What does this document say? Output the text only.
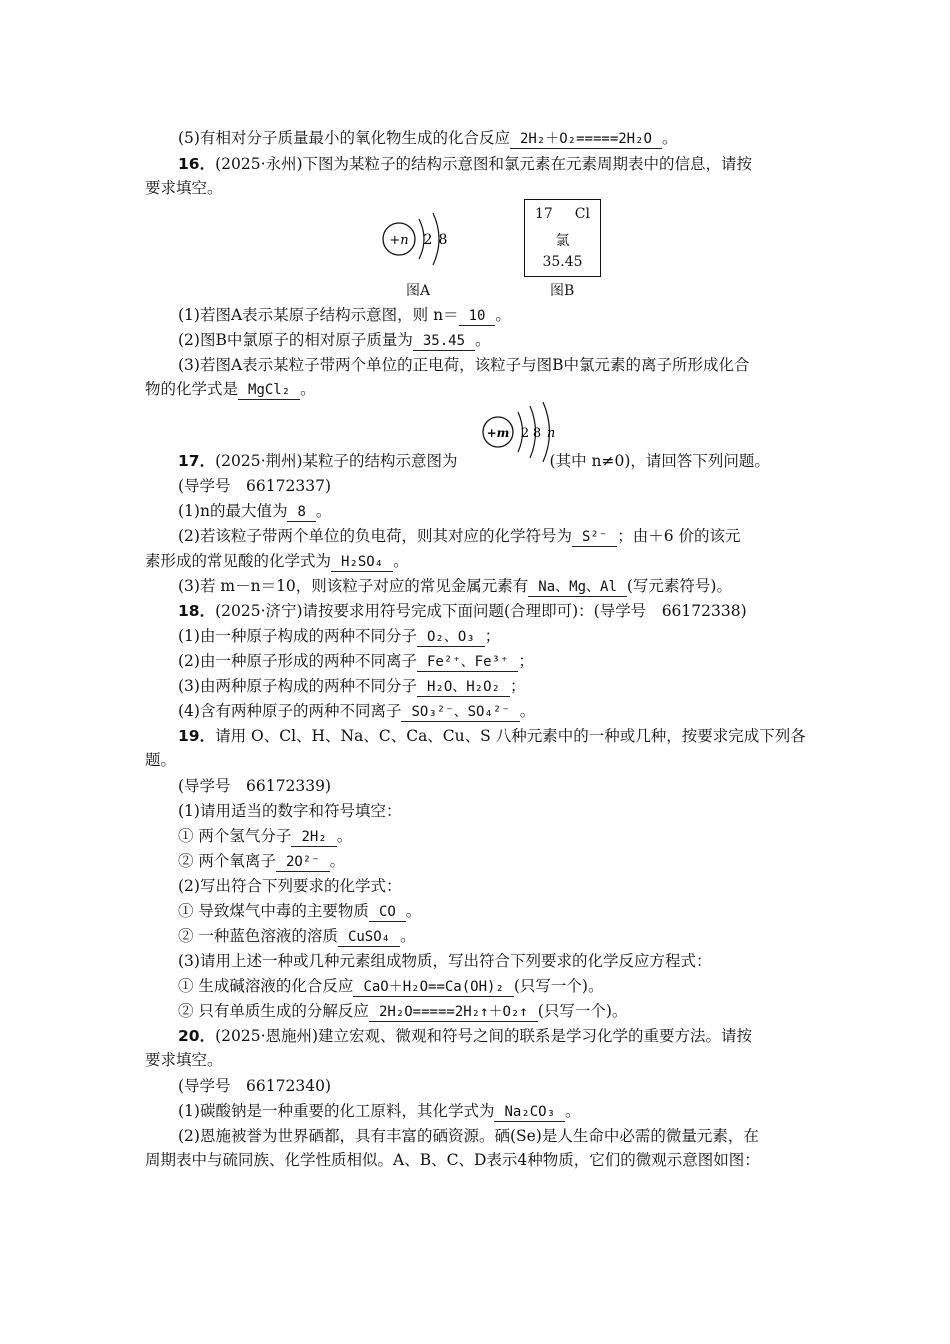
(5)有相对分子质量最小的氧化物生成的化合反应 2H₂＋O₂=====2H₂O 。
16．(2025·永州)下图为某粒子的结构示意图和氯元素在元素周期表中的信息，请按
要求填空。
+n 2 8
图A
17 Cl
氯
35.45
图B
(1)若图A表示某原子结构示意图，则 n＝ 10 。
(2)图B中氯原子的相对原子质量为 35.45 。
(3)若图A表示某粒子带两个单位的正电荷，该粒子与图B中氯元素的离子所形成化合
物的化学式是 MgCl₂ 。
+m 2 8 n
17．(2025·荆州)某粒子的结构示意图为	(其中 n≠0)，请回答下列问题。
(导学号　66172337)
(1)n的最大值为 8 。
(2)若该粒子带两个单位的负电荷，则其对应的化学符号为 S²⁻ ；由＋6 价的该元
素形成的常见酸的化学式为 H₂SO₄ 。
(3)若 m－n＝10，则该粒子对应的常见金属元素有 Na、Mg、Al (写元素符号)。
18．(2025·济宁)请按要求用符号完成下面问题(合理即可)：(导学号　66172338)
(1)由一种原子构成的两种不同分子 O₂、O₃ ；
(2)由一种原子形成的两种不同离子 Fe²⁺、Fe³⁺ ；
(3)由两种原子构成的两种不同分子 H₂O、H₂O₂ ；
(4)含有两种原子的两种不同离子 SO₃²⁻、SO₄²⁻ 。
19．请用 O、Cl、H、Na、C、Ca、Cu、S 八种元素中的一种或几种，按要求完成下列各
题。
(导学号　66172339)
(1)请用适当的数字和符号填空：
① 两个氢气分子 2H₂ 。
② 两个氧离子 2O²⁻ 。
(2)写出符合下列要求的化学式：
① 导致煤气中毒的主要物质 CO 。
② 一种蓝色溶液的溶质 CuSO₄ 。
(3)请用上述一种或几种元素组成物质，写出符合下列要求的化学反应方程式：
① 生成碱溶液的化合反应 CaO＋H₂O==Ca(OH)₂ (只写一个)。
② 只有单质生成的分解反应 2H₂O=====2H₂↑＋O₂↑ (只写一个)。
20．(2025·恩施州)建立宏观、微观和符号之间的联系是学习化学的重要方法。请按
要求填空。
(导学号　66172340)
(1)碳酸钠是一种重要的化工原料，其化学式为 Na₂CO₃ 。
(2)恩施被誉为世界硒都，具有丰富的硒资源。硒(Se)是人生命中必需的微量元素，在
周期表中与硫同族、化学性质相似。A、B、C、D表示4种物质，它们的微观示意图如图：
